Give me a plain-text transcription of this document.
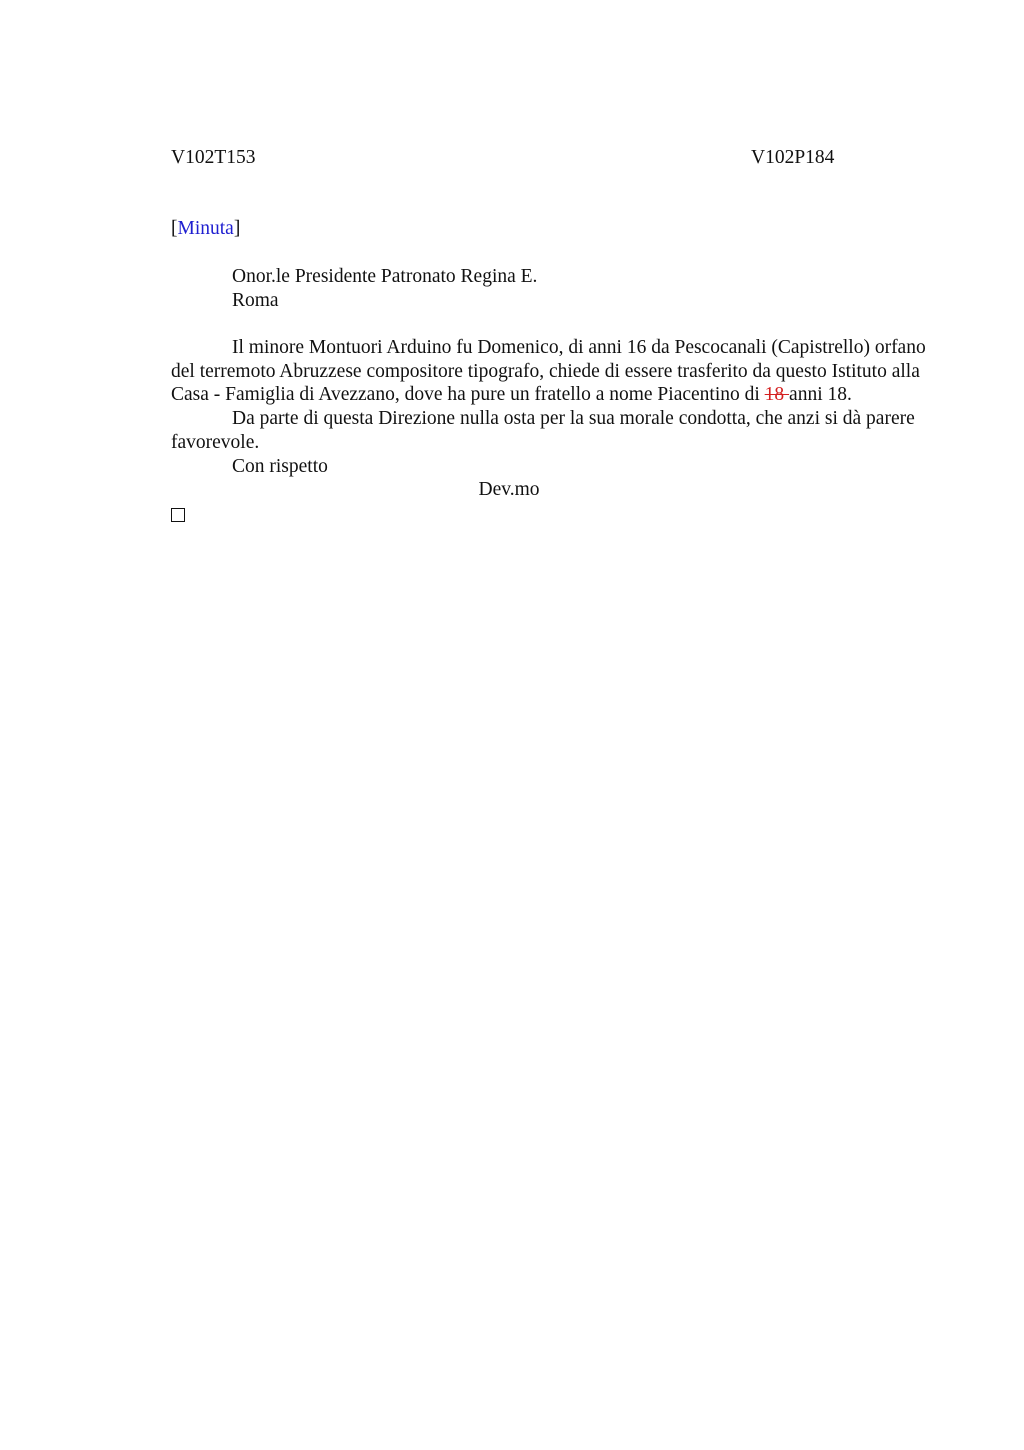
V102T153	V102P184
[Minuta]
Onor.le Presidente Patronato Regina E.
Roma

Il minore Montuori Arduino fu Domenico, di anni 16 da Pescocanali (Capistrello) orfano del terremoto Abruzzese compositore tipografo, chiede di essere trasferito da questo Istituto alla Casa - Famiglia di Avezzano, dove ha pure un fratello a nome Piacentino di 18 anni 18.

Da parte di questa Direzione nulla osta per la sua morale condotta, che anzi si dà parere favorevole.

Con rispetto

Dev.mo
